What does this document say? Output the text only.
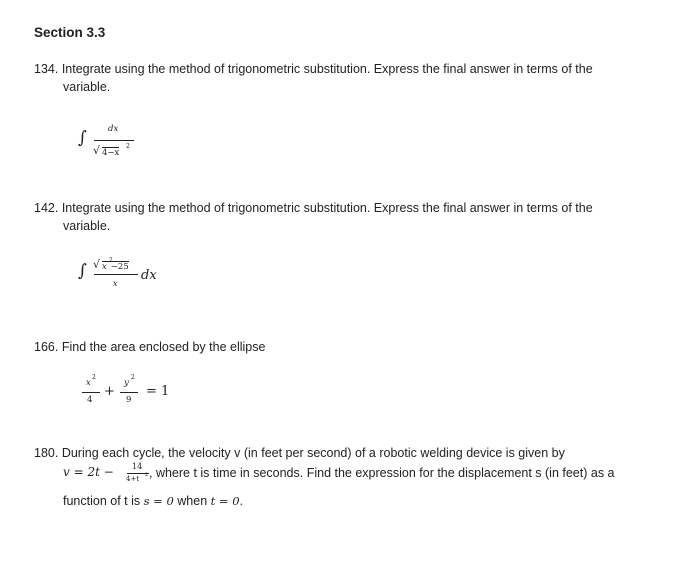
Section 3.3
134. Integrate using the method of trigonometric substitution. Express the final answer in terms of the
variable.
∫ dx
√ 4−x
2
142. Integrate using the method of trigonometric substitution. Express the final answer in terms of the
variable.
∫ √ x −25
2
x
dx
166. Find the area enclosed by the ellipse
x
2
4
+
y
2
9
= 1
180. During each cycle, the velocity v (in feet per second) of a robotic welding device is given by
v = 2t − 14
4+t 2 , where t is time in seconds. Find the expression for the displacement s (in feet) as a
function of t is s = 0 when t = 0.
